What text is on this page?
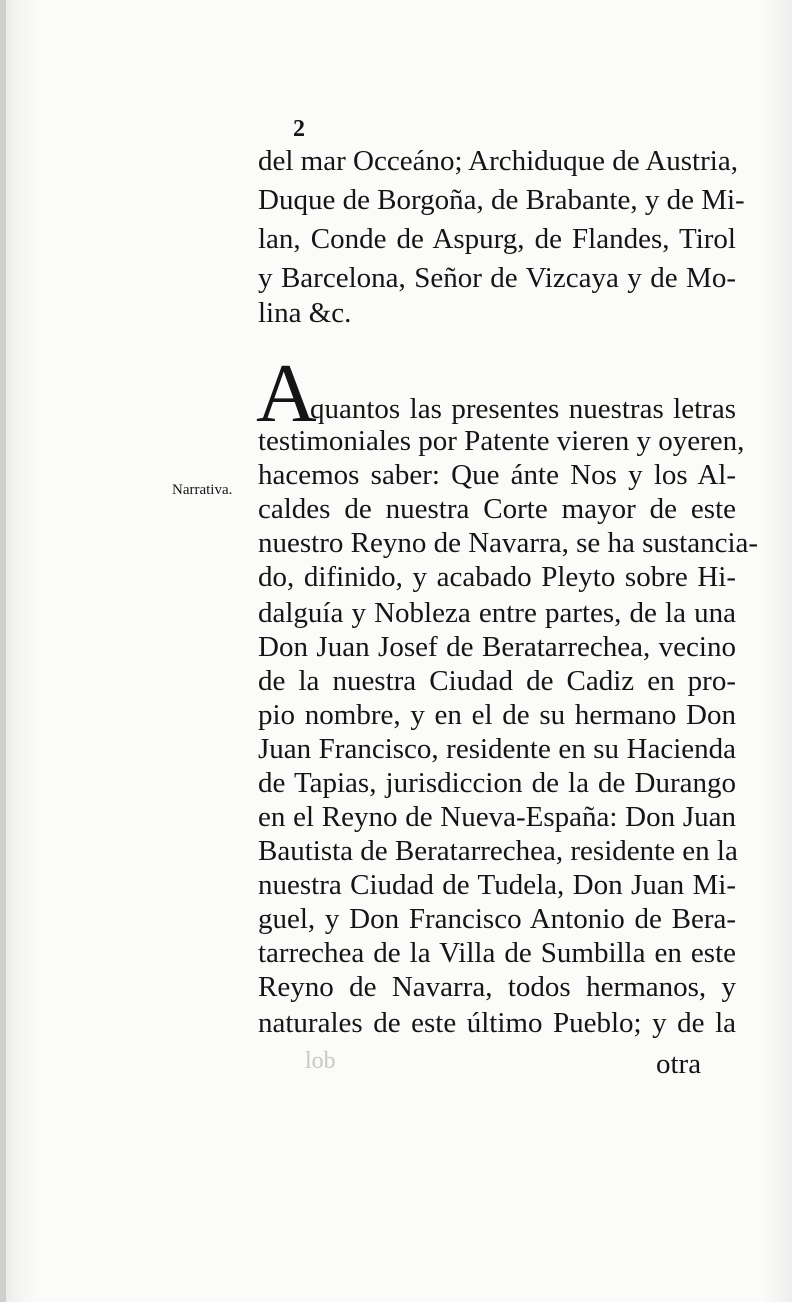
2
del mar Occeáno; Archiduque de Austria,
Duque de Borgoña, de Brabante, y de Mi-
lan, Conde de Aspurg, de Flandes, Tirol
y Barcelona, Señor de Vizcaya y de Mo-
lina &c.
A
quantos las presentes nuestras letras
Narrativa.
testimoniales por Patente vieren y oyeren,
hacemos saber: Que ánte Nos y los Al-
caldes de nuestra Corte mayor de este
nuestro Reyno de Navarra, se ha sustancia-
do, difinido, y acabado Pleyto sobre Hi-
dalguía y Nobleza entre partes, de la una
Don Juan Josef de Beratarrechea, vecino
de la nuestra Ciudad de Cadiz en pro-
pio nombre, y en el de su hermano Don
Juan Francisco, residente en su Hacienda
de Tapias, jurisdiccion de la de Durango
en el Reyno de Nueva-España: Don Juan
Bautista de Beratarrechea, residente en la
nuestra Ciudad de Tudela, Don Juan Mi-
guel, y Don Francisco Antonio de Bera-
tarrechea de la Villa de Sumbilla en este
Reyno de Navarra, todos hermanos, y
naturales de este último Pueblo; y de la
lob	otra
